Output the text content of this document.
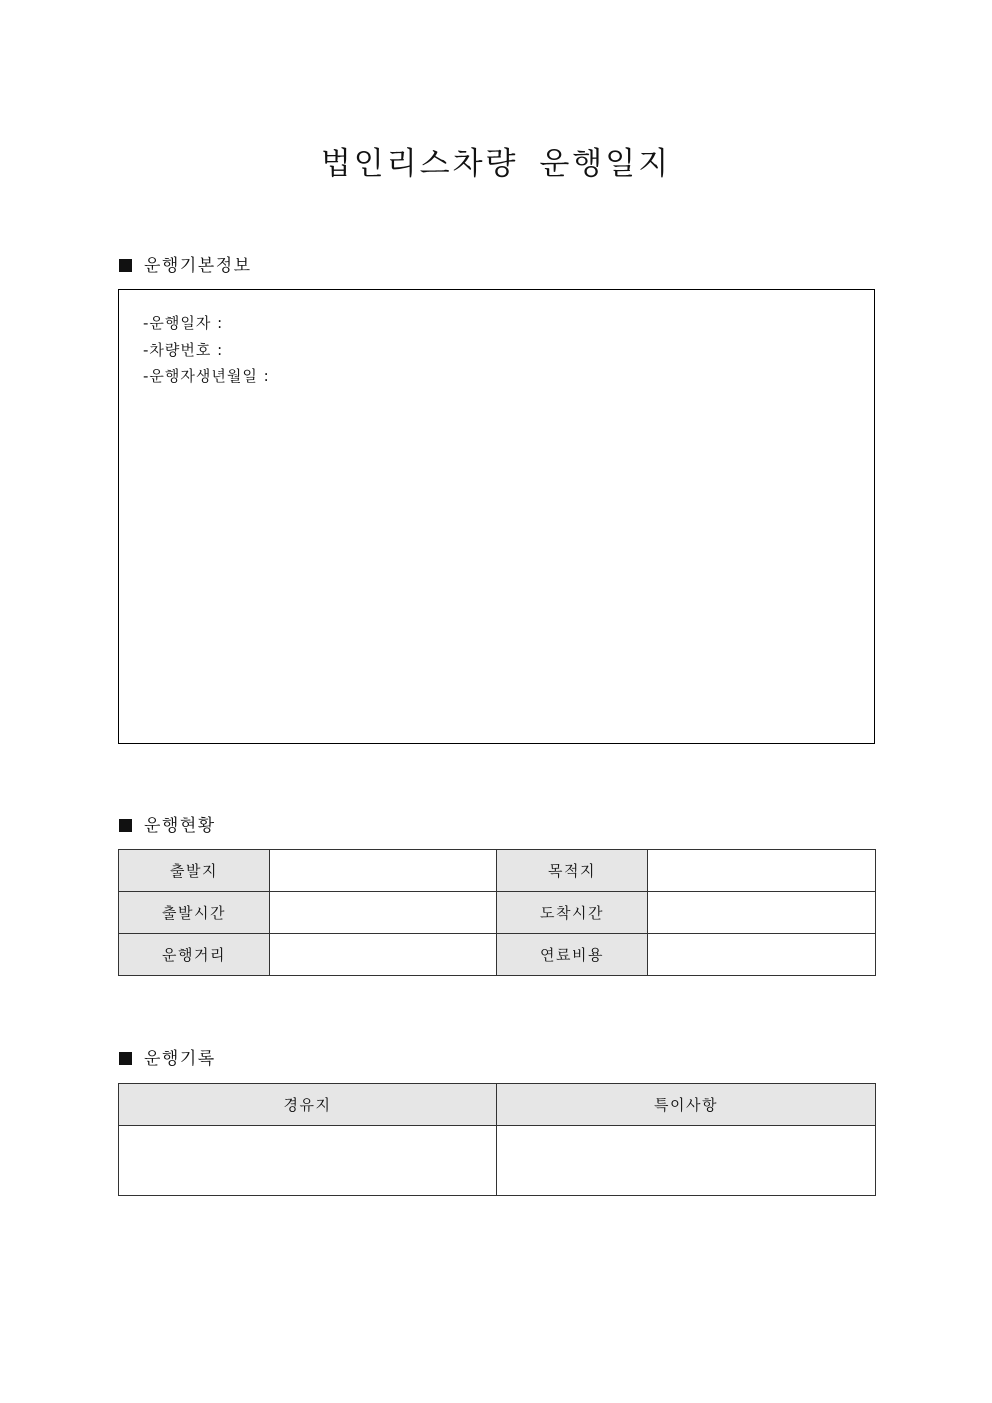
법인리스차량 운행일지
운행기본정보
-운행일자 :
-차량번호 :
-운행자생년월일 :
운행현황
출발지		목적지	
출발시간		도착시간	
운행거리		연료비용	
운행기록
경유지	특이사항
